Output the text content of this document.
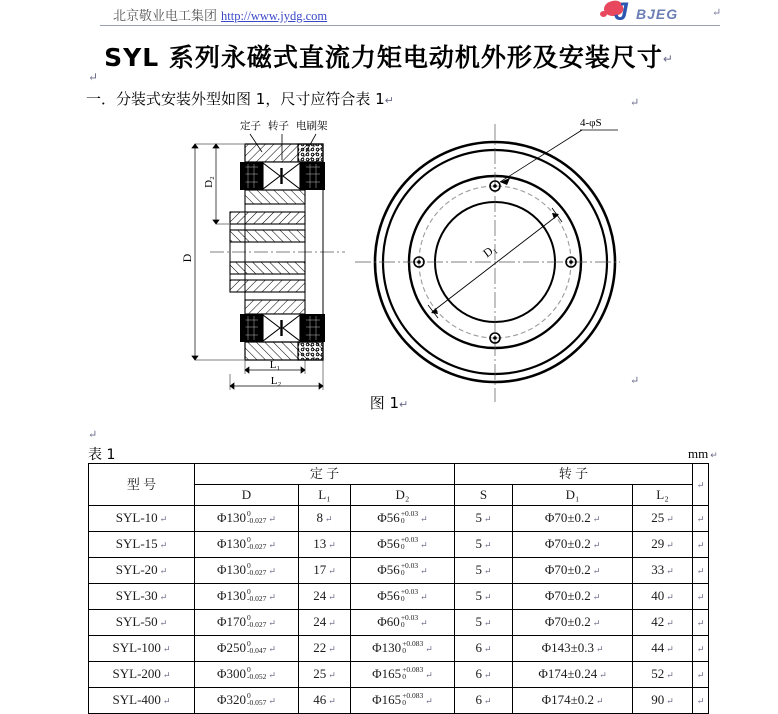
北京敬业电工集团 http://www.jydg.com	↵
J BJEG
SYL 系列永磁式直流力矩电动机外形及安装尺寸↵
↵
一．分装式安装外型如图 1，尺寸应符合表 1↵	↵
↵
↵
定子 转子 电刷架
D
D₂
L₁
L₂
4-φS
D₁
图 1↵
表 1	mm ↵
型 号	定 子			转 子			↵
	D	L₁	D₂	S	D₁	L₂	
SYL-10 ↵	Φ130 0
-0.027 ↵	8 ↵	Φ56 +0.03
0 ↵	5 ↵	Φ70±0.2 ↵	25 ↵	↵
SYL-15 ↵	Φ130 0
-0.027 ↵	13 ↵	Φ56 +0.03
0 ↵	5 ↵	Φ70±0.2 ↵	29 ↵	↵
SYL-20 ↵	Φ130 0
-0.027 ↵	17 ↵	Φ56 +0.03
0 ↵	5 ↵	Φ70±0.2 ↵	33 ↵	↵
SYL-30 ↵	Φ130 0
-0.027 ↵	24 ↵	Φ56 +0.03
0 ↵	5 ↵	Φ70±0.2 ↵	40 ↵	↵
SYL-50 ↵	Φ170 0
-0.027 ↵	24 ↵	Φ60 +0.03
0 ↵	5 ↵	Φ70±0.2 ↵	42 ↵	↵
SYL-100 ↵	Φ250 0
-0.047 ↵	22 ↵	Φ130 +0.083
0 ↵	6 ↵	Φ143±0.3 ↵	44 ↵	↵
SYL-200 ↵	Φ300 0
-0.052 ↵	25 ↵	Φ165 +0.083
0 ↵	6 ↵	Φ174±0.24 ↵	52 ↵	↵
SYL-400 ↵	Φ320 0
-0.057 ↵	46 ↵	Φ165 +0.083
0 ↵	6 ↵	Φ174±0.2 ↵	90 ↵	↵
